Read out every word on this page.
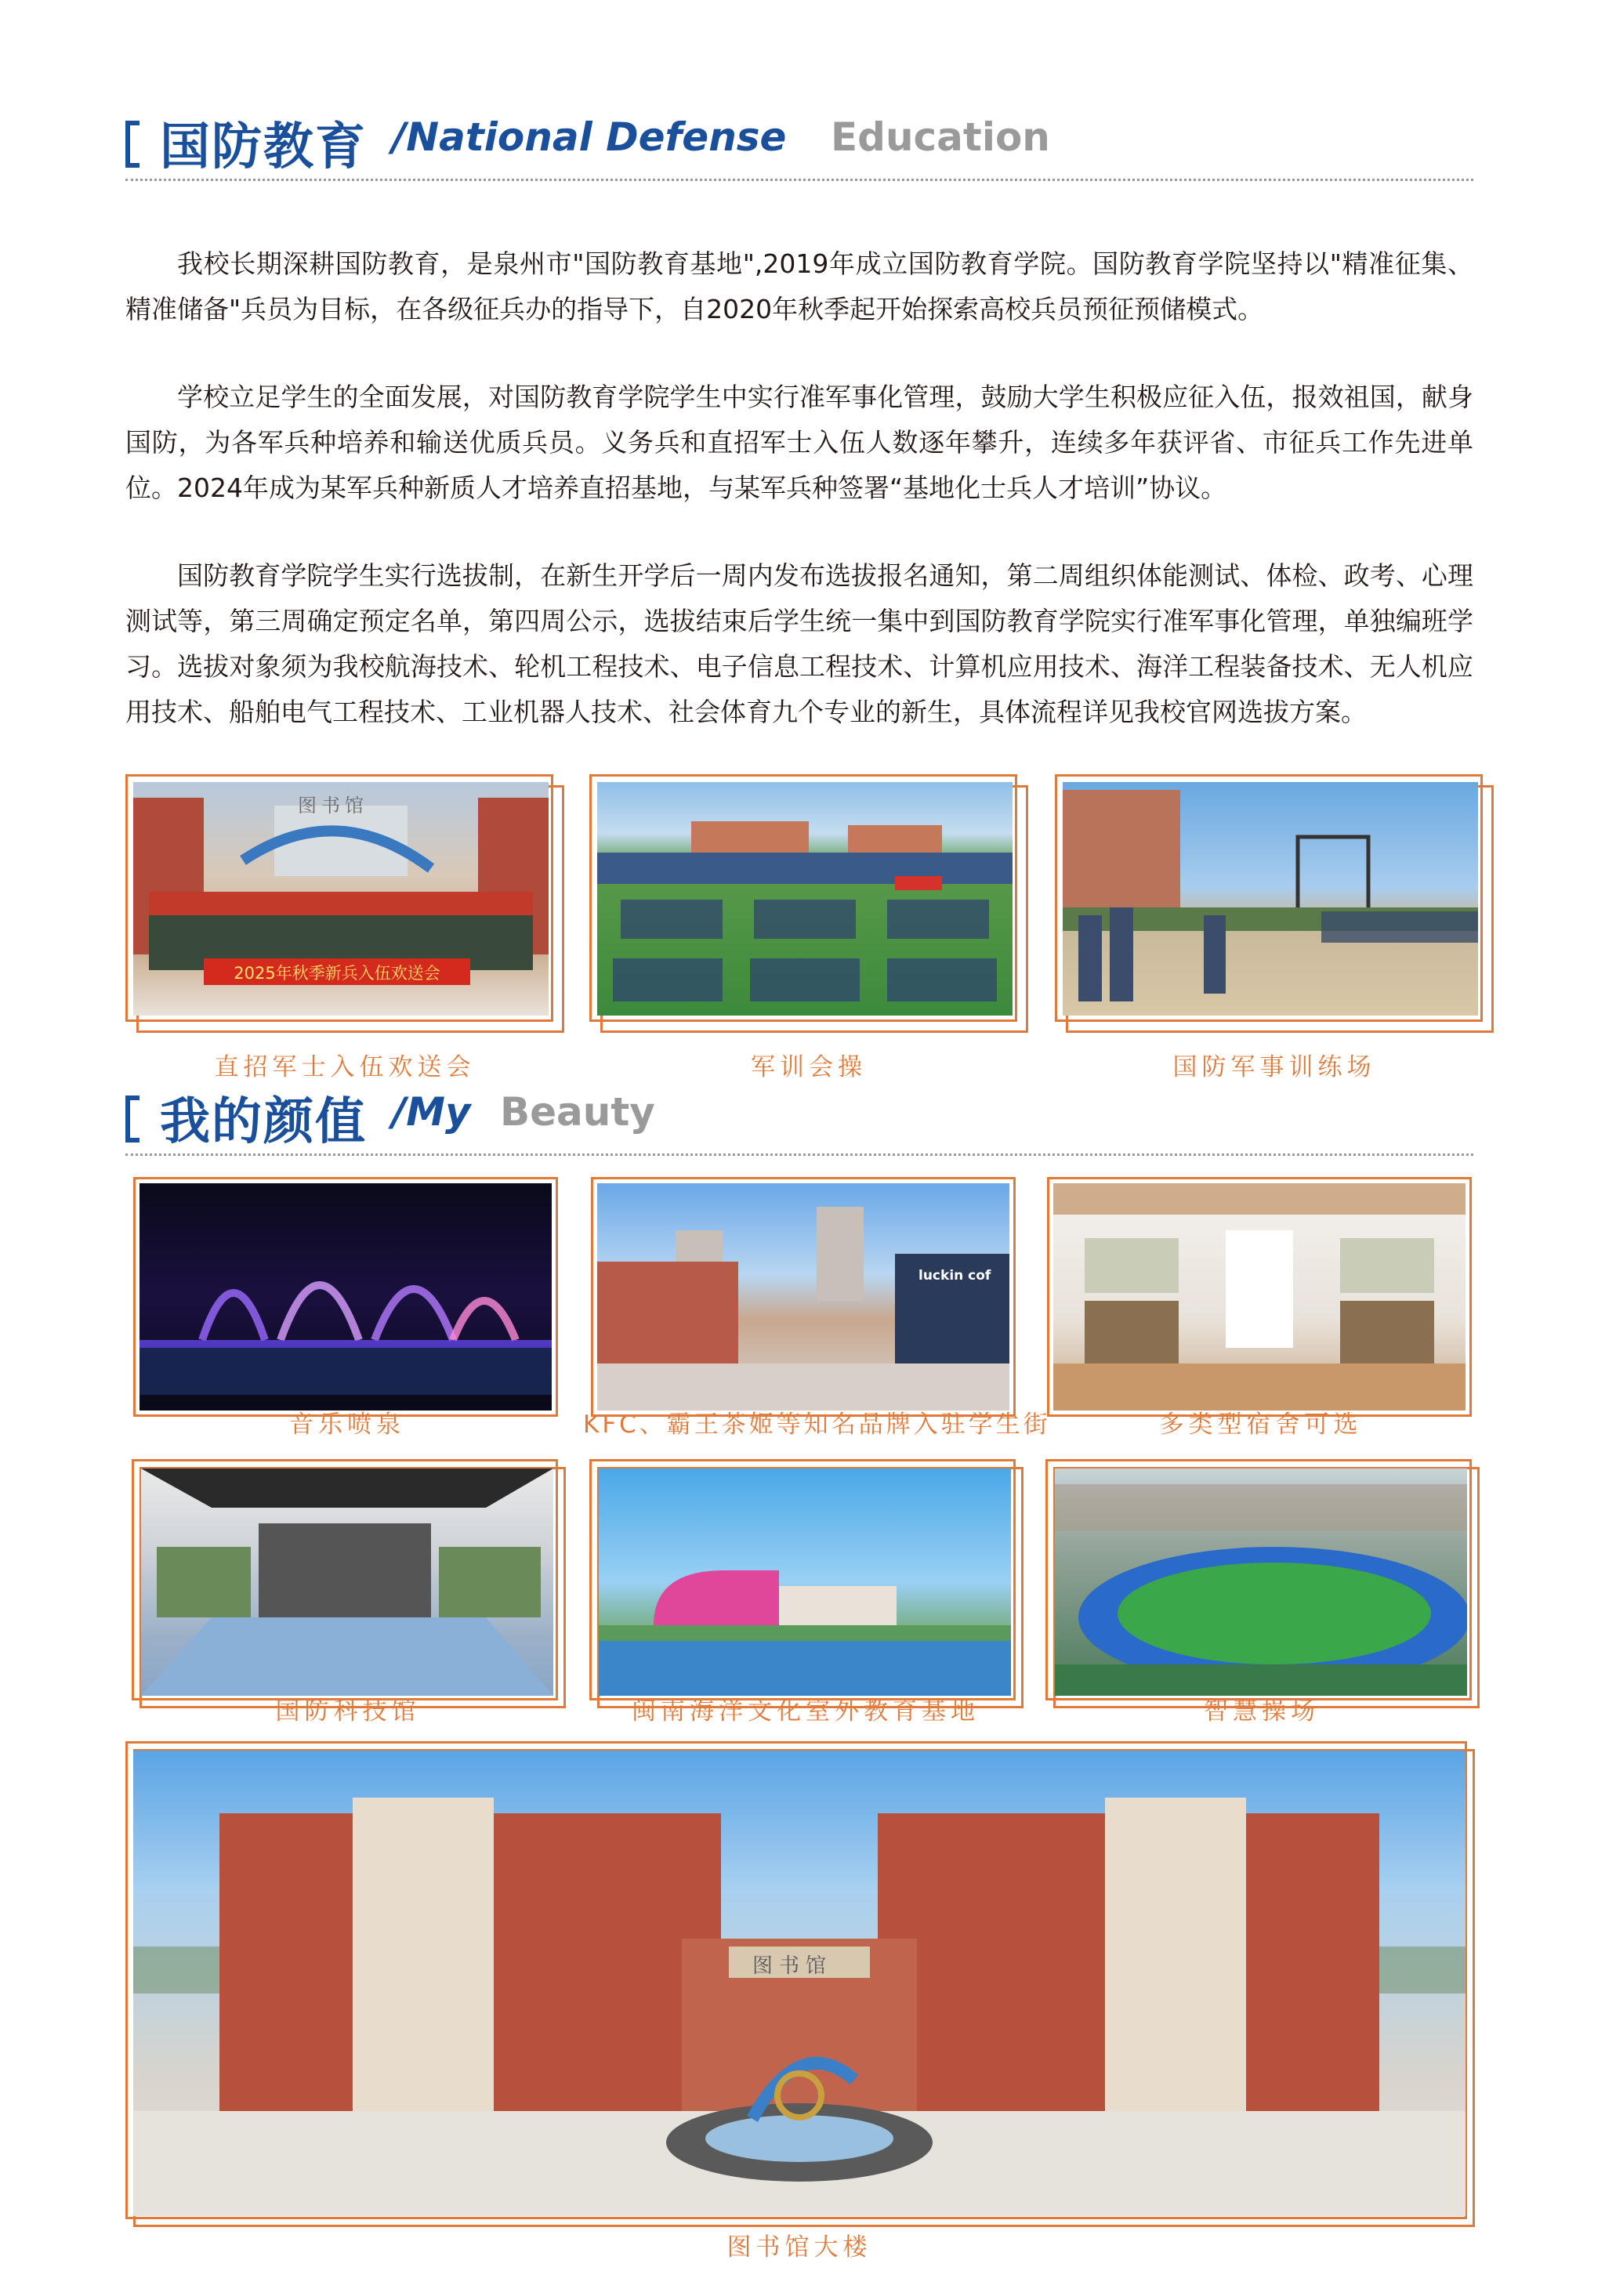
国防教育 /National Defense Education

我校长期深耕国防教育，是泉州市"国防教育基地",2019年成立国防教育学院。国防教育学院坚持以"精准征集、精准储备"兵员为目标，在各级征兵办的指导下，自2020年秋季起开始探索高校兵员预征预储模式。

学校立足学生的全面发展，对国防教育学院学生中实行准军事化管理，鼓励大学生积极应征入伍，报效祖国，献身国防，为各军兵种培养和输送优质兵员。义务兵和直招军士入伍人数逐年攀升，连续多年获评省、市征兵工作先进单位。2024年成为某军兵种新质人才培养直招基地，与某军兵种签署“基地化士兵人才培训”协议。

国防教育学院学生实行选拔制，在新生开学后一周内发布选拔报名通知，第二周组织体能测试、体检、政考、心理测试等，第三周确定预定名单，第四周公示，选拔结束后学生统一集中到国防教育学院实行准军事化管理，单独编班学习。选拔对象须为我校航海技术、轮机工程技术、电子信息工程技术、计算机应用技术、海洋工程装备技术、无人机应用技术、船舶电气工程技术、工业机器人技术、社会体育九个专业的新生，具体流程详见我校官网选拔方案。

图书馆
2025年秋季新兵入伍欢送会
直招军士入伍欢送会	军训会操	国防军事训练场
我的颜值 /My Beauty
音乐喷泉
luckin cof
KFC、霸王茶姬等知名品牌入驻学生街	多类型宿舍可选
国防科技馆	闽南海洋文化室外教育基地	智慧操场
图书馆
图书馆大楼
